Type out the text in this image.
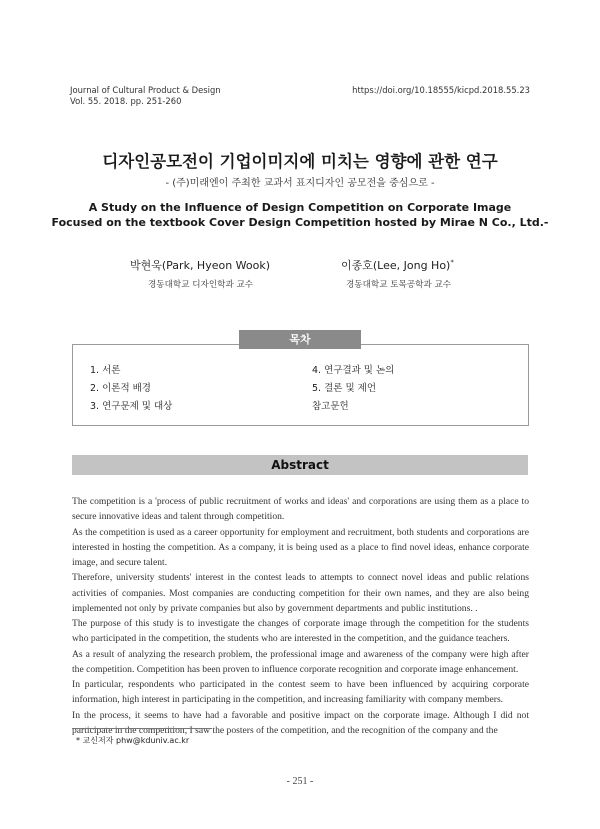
Journal of Cultural Product & Design
Vol. 55. 2018. pp. 251-260
https://doi.org/10.18555/kicpd.2018.55.23
디자인공모전이 기업이미지에 미치는 영향에 관한 연구
- (주)미래엔이 주최한 교과서 표지디자인 공모전을 중심으로 -
A Study on the Influence of Design Competition on Corporate Image
Focused on the textbook Cover Design Competition hosted by Mirae N Co., Ltd.-
박현욱(Park, Hyeon Wook)
경동대학교 디자인학과 교수
이종호(Lee, Jong Ho)*
경동대학교 토목공학과 교수
목차
1. 서론
2. 이론적 배경
3. 연구문제 및 대상
4. 연구결과 및 논의
5. 결론 및 제언
참고문헌
Abstract

The competition is a 'process of public recruitment of works and ideas' and corporations are using them as a place to secure innovative ideas and talent through competition.

As the competition is used as a career opportunity for employment and recruitment, both students and corporations are interested in hosting the competition. As a company, it is being used as a place to find novel ideas, enhance corporate image, and secure talent.

Therefore, university students' interest in the contest leads to attempts to connect novel ideas and public relations activities of companies. Most companies are conducting competition for their own names, and they are also being implemented not only by private companies but also by government departments and public institutions. .

The purpose of this study is to investigate the changes of corporate image through the competition for the students who participated in the competition, the students who are interested in the competition, and the guidance teachers.

As a result of analyzing the research problem, the professional image and awareness of the company were high after the competition. Competition has been proven to influence corporate recognition and corporate image enhancement.

In particular, respondents who participated in the contest seem to have been influenced by acquiring corporate information, high interest in participating in the competition, and increasing familiarity with company members.

In the process, it seems to have had a favorable and positive impact on the corporate image. Although I did not participate in the competition, I saw the posters of the competition, and the recognition of the company and the

* 교신저자 phw@kduniv.ac.kr
- 251 -
